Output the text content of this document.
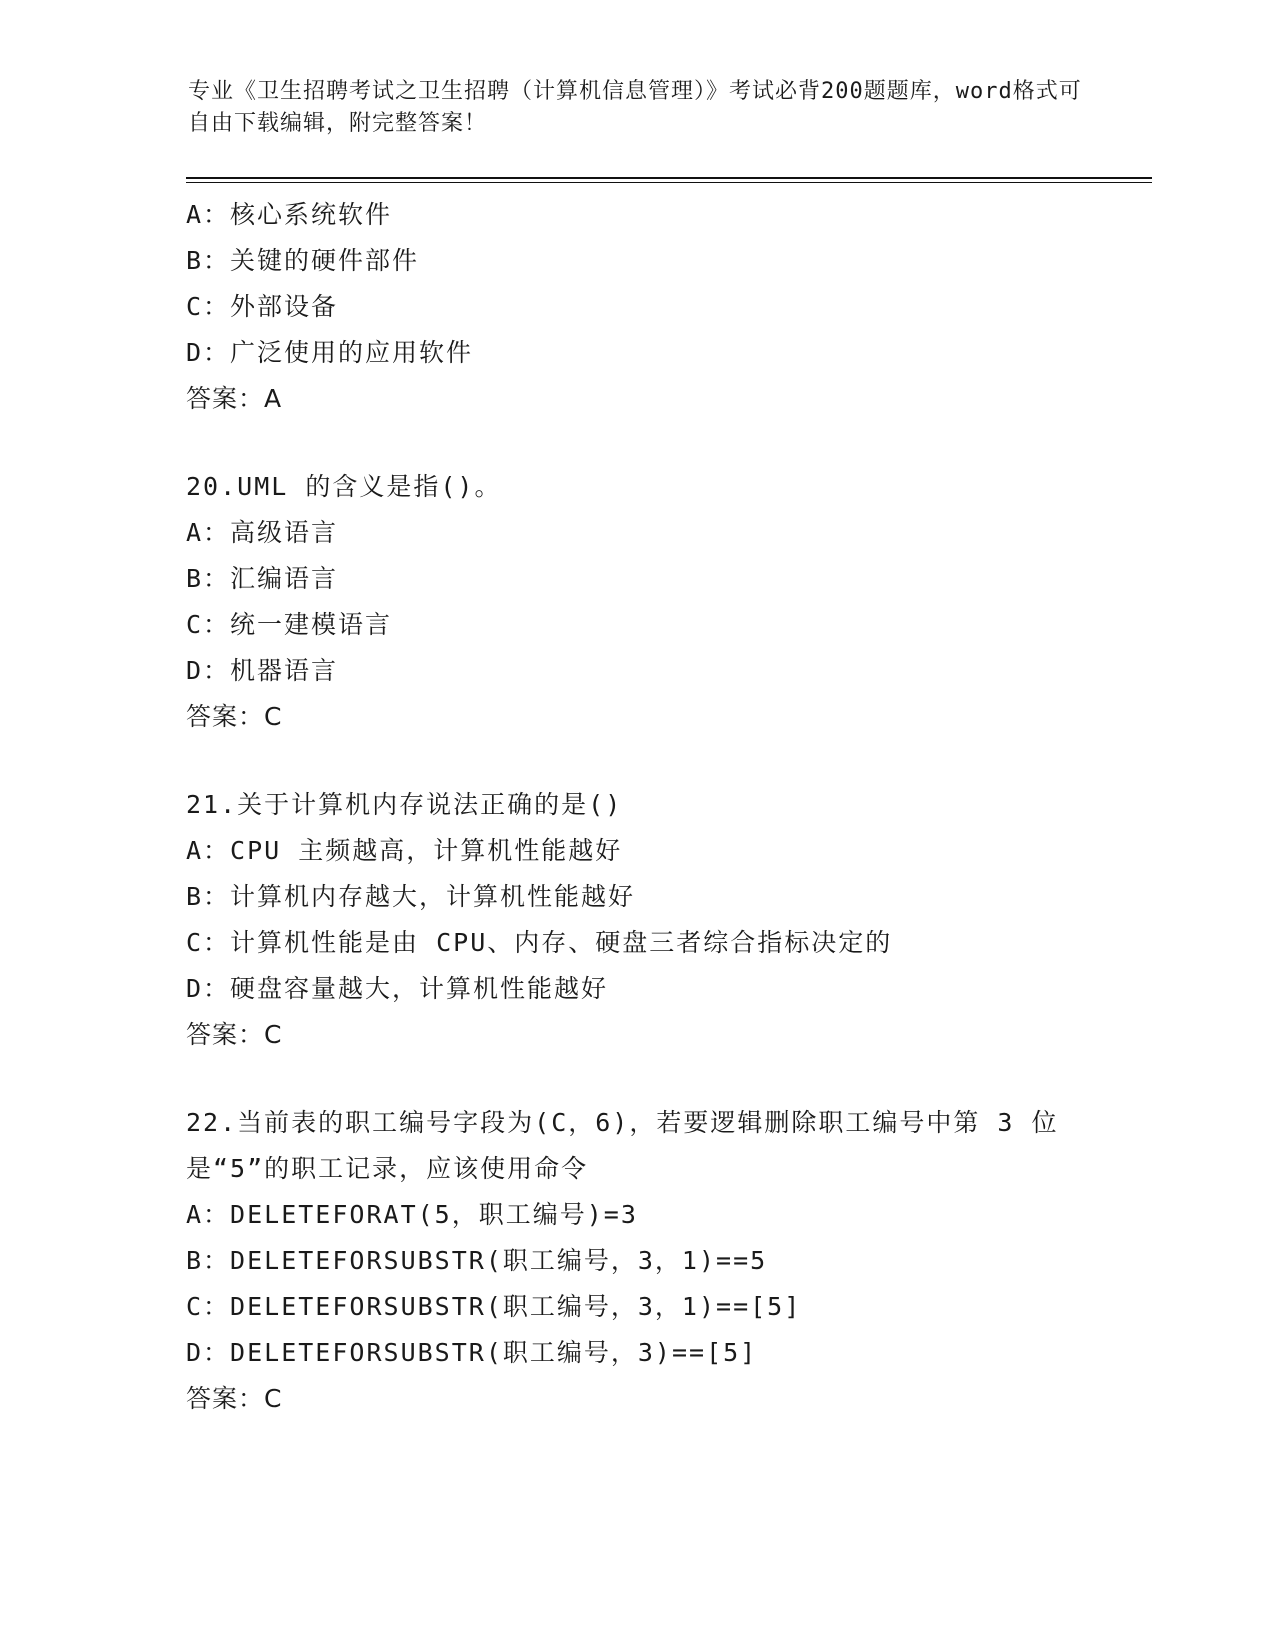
专业《卫生招聘考试之卫生招聘（计算机信息管理）》考试必背200题题库，word格式可自由下载编辑，附完整答案！
A：核心系统软件
B：关键的硬件部件
C：外部设备
D：广泛使用的应用软件
答案：A
20.UML 的含义是指()。
A：高级语言
B：汇编语言
C：统一建模语言
D：机器语言
答案：C
21.关于计算机内存说法正确的是()
A：CPU 主频越高，计算机性能越好
B：计算机内存越大，计算机性能越好
C：计算机性能是由 CPU、内存、硬盘三者综合指标决定的
D：硬盘容量越大，计算机性能越好
答案：C
22.当前表的职工编号字段为(C，6)，若要逻辑删除职工编号中第 3 位是“5”的职工记录，应该使用命令
A：DELETEFORAT(5，职工编号)=3
B：DELETEFORSUBSTR(职工编号，3，1)==5
C：DELETEFORSUBSTR(职工编号，3，1)==[5]
D：DELETEFORSUBSTR(职工编号，3)==[5]
答案：C
